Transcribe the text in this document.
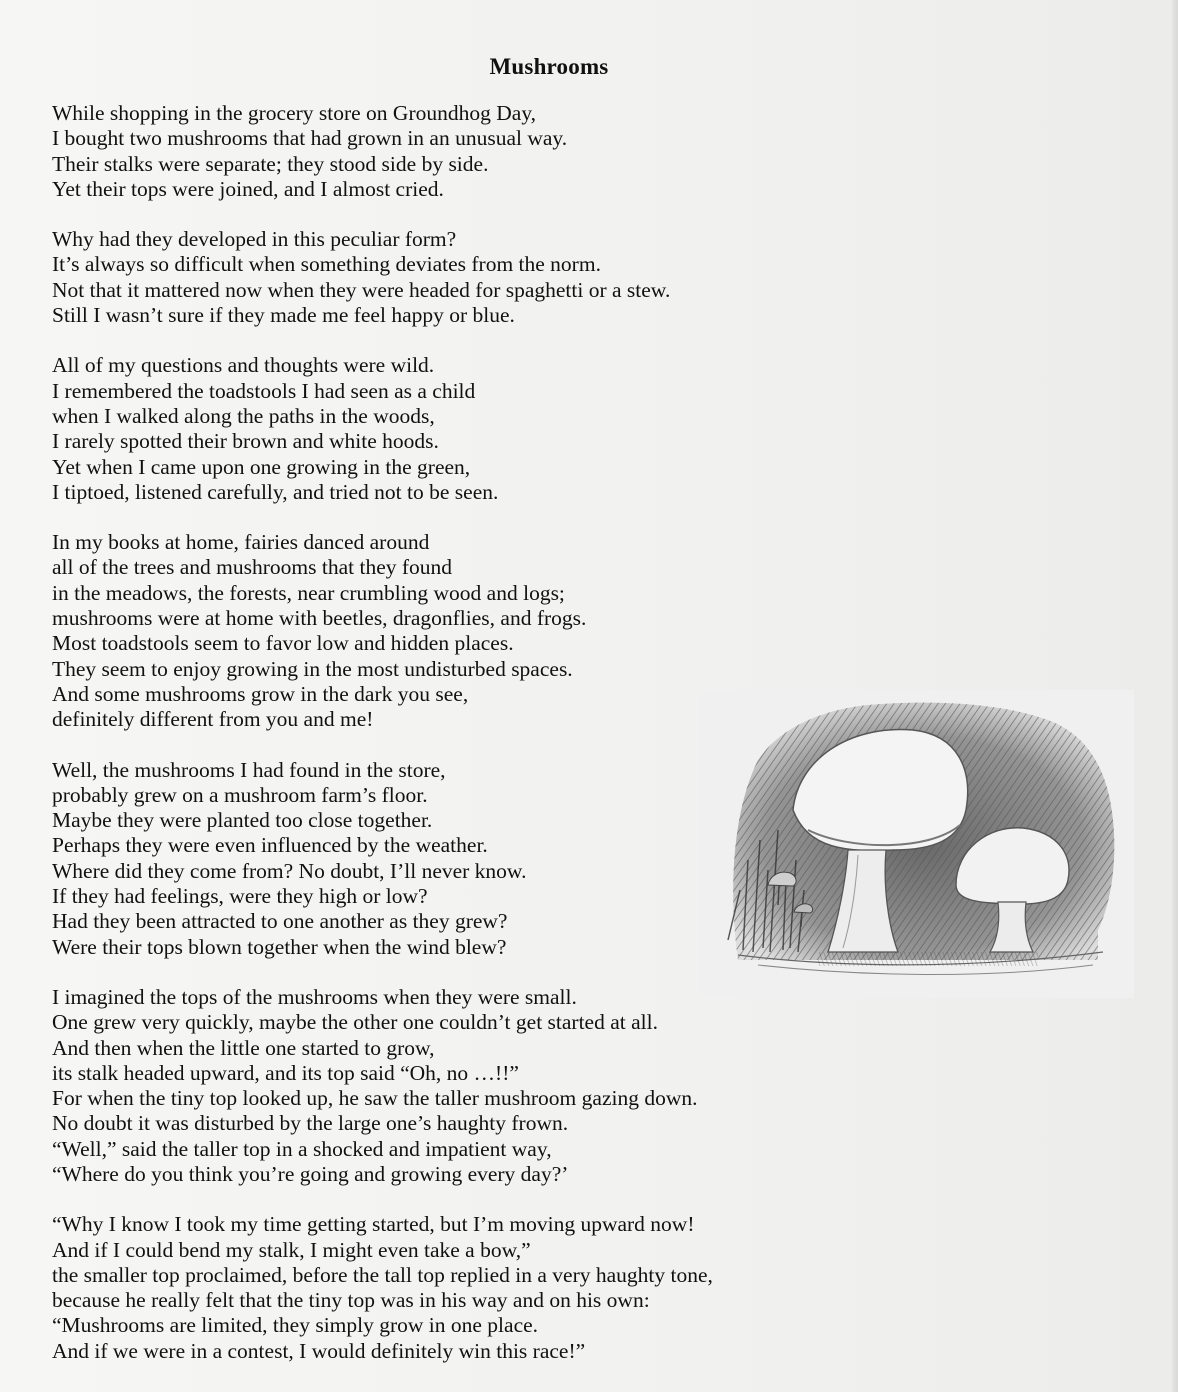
Mushrooms
While shopping in the grocery store on Groundhog Day,
I bought two mushrooms that had grown in an unusual way.
Their stalks were separate; they stood side by side.
Yet their tops were joined, and I almost cried.
Why had they developed in this peculiar form?
It’s always so difficult when something deviates from the norm.
Not that it mattered now when they were headed for spaghetti or a stew.
Still I wasn’t sure if they made me feel happy or blue.
All of my questions and thoughts were wild.
I remembered the toadstools I had seen as a child
when I walked along the paths in the woods,
I rarely spotted their brown and white hoods.
Yet when I came upon one growing in the green,
I tiptoed, listened carefully, and tried not to be seen.
In my books at home, fairies danced around
all of the trees and mushrooms that they found
in the meadows, the forests, near crumbling wood and logs;
mushrooms were at home with beetles, dragonflies, and frogs.
Most toadstools seem to favor low and hidden places.
They seem to enjoy growing in the most undisturbed spaces.
And some mushrooms grow in the dark you see,
definitely different from you and me!
Well, the mushrooms I had found in the store,
probably grew on a mushroom farm’s floor.
Maybe they were planted too close together.
Perhaps they were even influenced by the weather.
Where did they come from? No doubt, I’ll never know.
If they had feelings, were they high or low?
Had they been attracted to one another as they grew?
Were their tops blown together when the wind blew?
I imagined the tops of the mushrooms when they were small.
One grew very quickly, maybe the other one couldn’t get started at all.
And then when the little one started to grow,
its stalk headed upward, and its top said “Oh, no …!!”
For when the tiny top looked up, he saw the taller mushroom gazing down.
No doubt it was disturbed by the large one’s haughty frown.
“Well,” said the taller top in a shocked and impatient way,
“Where do you think you’re going and growing every day?’
“Why I know I took my time getting started, but I’m moving upward now!
And if I could bend my stalk, I might even take a bow,”
the smaller top proclaimed, before the tall top replied in a very haughty tone,
because he really felt that the tiny top was in his way and on his own:
“Mushrooms are limited, they simply grow in one place.
And if we were in a contest, I would definitely win this race!”
